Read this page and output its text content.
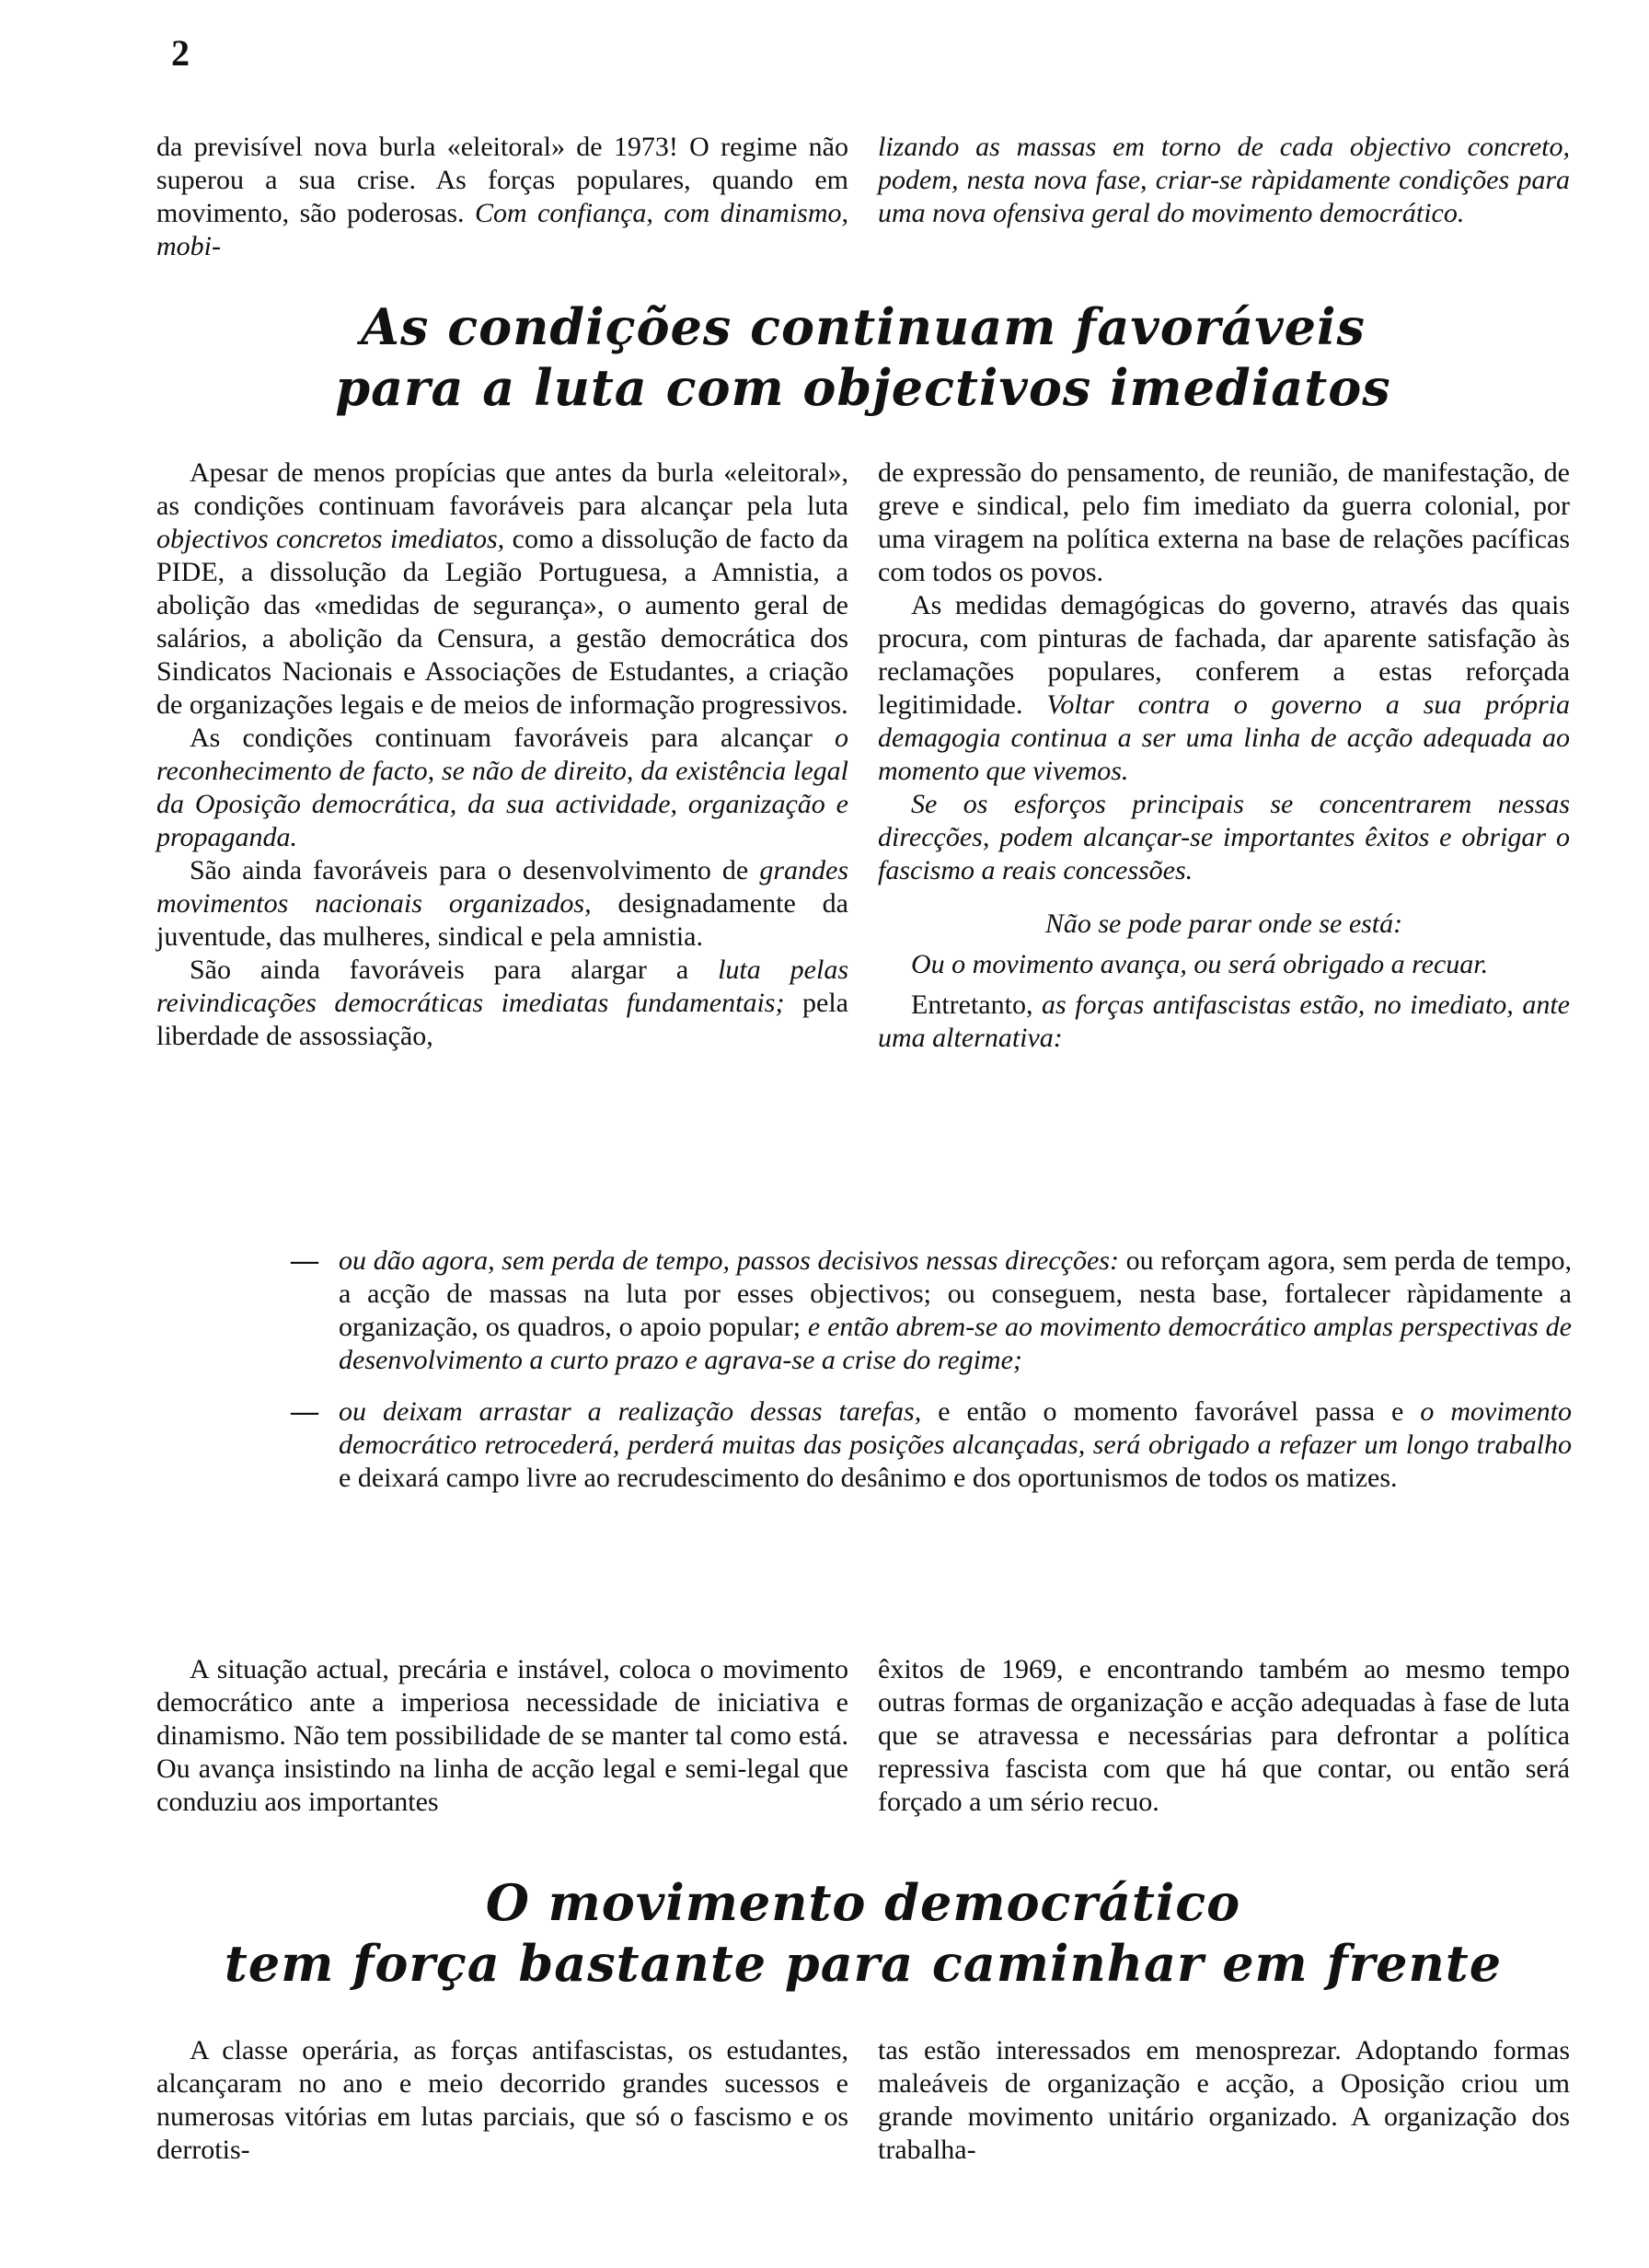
2

da previsível nova burla «eleitoral» de 1973! O regime não superou a sua crise. As forças populares, quando em movimento, são poderosas. Com confiança, com dinamismo, mobi-

lizando as massas em torno de cada objectivo concreto, podem, nesta nova fase, criar-se ràpidamente condições para uma nova ofensiva geral do movimento democrático.

As condições continuam favoráveis
para a luta com objectivos imediatos

Apesar de menos propícias que antes da burla «eleitoral», as condições continuam favoráveis para alcançar pela luta objectivos concretos imediatos, como a dissolução de facto da PIDE, a dissolução da Legião Portuguesa, a Amnistia, a abolição das «medidas de segurança», o aumento geral de salários, a abolição da Censura, a gestão democrática dos Sindicatos Nacionais e Associações de Estudantes, a criação de organizações legais e de meios de informação progressivos.

As condições continuam favoráveis para alcançar o reconhecimento de facto, se não de direito, da existência legal da Oposição democrática, da sua actividade, organização e propaganda.

São ainda favoráveis para o desenvolvimento de grandes movimentos nacionais organizados, designadamente da juventude, das mulheres, sindical e pela amnistia.

São ainda favoráveis para alargar a luta pelas reivindicações democráticas imediatas fundamentais; pela liberdade de assossiação,

de expressão do pensamento, de reunião, de manifestação, de greve e sindical, pelo fim imediato da guerra colonial, por uma viragem na política externa na base de relações pacíficas com todos os povos.

As medidas demagógicas do governo, através das quais procura, com pinturas de fachada, dar aparente satisfação às reclamações populares, conferem a estas reforçada legitimidade. Voltar contra o governo a sua própria demagogia continua a ser uma linha de acção adequada ao momento que vivemos.

Se os esforços principais se concentrarem nessas direcções, podem alcançar-se importantes êxitos e obrigar o fascismo a reais concessões.

Não se pode parar onde se está:

Ou o movimento avança, ou será obrigado a recuar.

Entretanto, as forças antifascistas estão, no imediato, ante uma alternativa:

— ou dão agora, sem perda de tempo, passos decisivos nessas direcções: ou reforçam agora, sem perda de tempo, a acção de massas na luta por esses objectivos; ou conseguem, nesta base, fortalecer ràpidamente a organização, os quadros, o apoio popular; e então abrem-se ao movimento democrático amplas perspectivas de desenvolvimento a curto prazo e agrava-se a crise do regime;
— ou deixam arrastar a realização dessas tarefas, e então o momento favorável passa e o movimento democrático retrocederá, perderá muitas das posições alcançadas, será obrigado a refazer um longo trabalho e deixará campo livre ao recrudescimento do desânimo e dos oportunismos de todos os matizes.

A situação actual, precária e instável, coloca o movimento democrático ante a imperiosa necessidade de iniciativa e dinamismo. Não tem possibilidade de se manter tal como está. Ou avança insistindo na linha de acção legal e semi-legal que conduziu aos importantes

êxitos de 1969, e encontrando também ao mesmo tempo outras formas de organização e acção adequadas à fase de luta que se atravessa e necessárias para defrontar a política repressiva fascista com que há que contar, ou então será forçado a um sério recuo.

O movimento democrático
tem força bastante para caminhar em frente

A classe operária, as forças antifascistas, os estudantes, alcançaram no ano e meio decorrido grandes sucessos e numerosas vitórias em lutas parciais, que só o fascismo e os derrotis-

tas estão interessados em menosprezar. Adoptando formas maleáveis de organização e acção, a Oposição criou um grande movimento unitário organizado. A organização dos trabalha-
